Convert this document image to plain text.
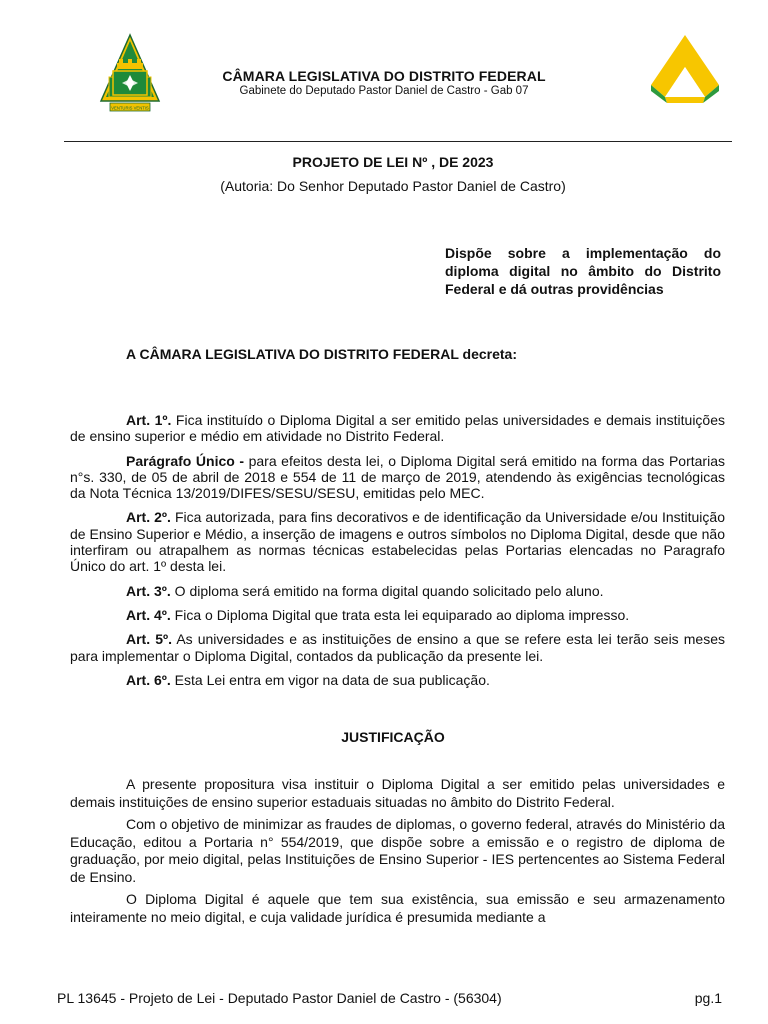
VENTURIS VENTIS
CÂMARA LEGISLATIVA DO DISTRITO FEDERAL
Gabinete do Deputado Pastor Daniel de Castro - Gab 07
PROJETO DE LEI Nº , DE 2023
(Autoria: Do Senhor Deputado Pastor Daniel de Castro)
Dispõe sobre a implementação do diploma digital no âmbito do Distrito Federal e dá outras providências
A CÂMARA LEGISLATIVA DO DISTRITO FEDERAL decreta:

Art. 1º. Fica instituído o Diploma Digital a ser emitido pelas universidades e demais instituições de ensino superior e médio em atividade no Distrito Federal.

Parágrafo Único - para efeitos desta lei, o Diploma Digital será emitido na forma das Portarias n°s. 330, de 05 de abril de 2018 e 554 de 11 de março de 2019, atendendo às exigências tecnológicas da Nota Técnica 13/2019/DIFES/SESU/SESU, emitidas pelo MEC.

Art. 2º. Fica autorizada, para fins decorativos e de identificação da Universidade e/ou Instituição de Ensino Superior e Médio, a inserção de imagens e outros símbolos no Diploma Digital, desde que não interfiram ou atrapalhem as normas técnicas estabelecidas pelas Portarias elencadas no Paragrafo Único do art. 1º desta lei.

Art. 3º. O diploma será emitido na forma digital quando solicitado pelo aluno.

Art. 4º. Fica o Diploma Digital que trata esta lei equiparado ao diploma impresso.

Art. 5º. As universidades e as instituições de ensino a que se refere esta lei terão seis meses para implementar o Diploma Digital, contados da publicação da presente lei.

Art. 6º. Esta Lei entra em vigor na data de sua publicação.

JUSTIFICAÇÃO

A presente propositura visa instituir o Diploma Digital a ser emitido pelas universidades e demais instituições de ensino superior estaduais situadas no âmbito do Distrito Federal.

Com o objetivo de minimizar as fraudes de diplomas, o governo federal, através do Ministério da Educação, editou a Portaria n° 554/2019, que dispõe sobre a emissão e o registro de diploma de graduação, por meio digital, pelas Instituições de Ensino Superior - IES pertencentes ao Sistema Federal de Ensino.

O Diploma Digital é aquele que tem sua existência, sua emissão e seu armazenamento inteiramente no meio digital, e cuja validade jurídica é presumida mediante a

PL 13645 - Projeto de Lei - Deputado Pastor Daniel de Castro - (56304)	pg.1
